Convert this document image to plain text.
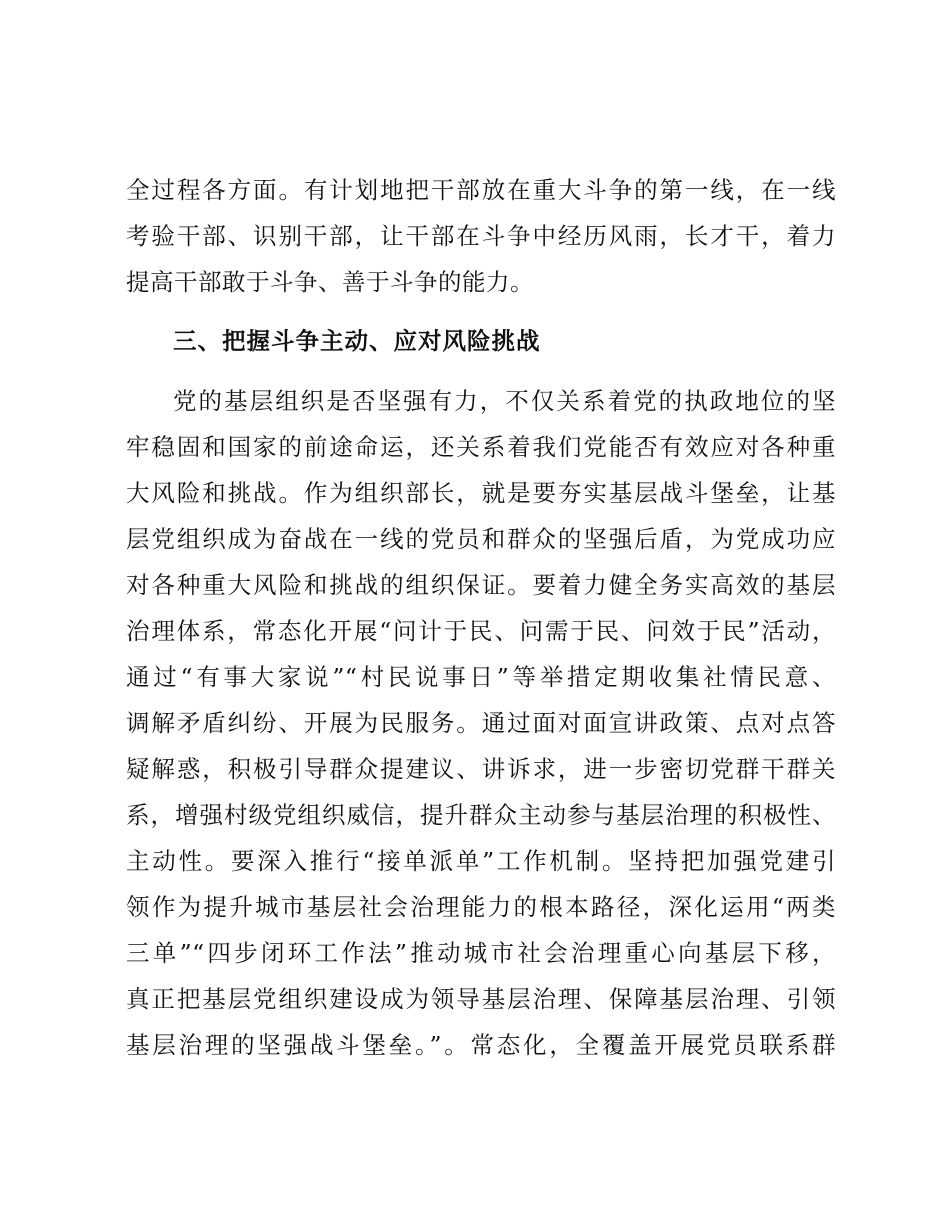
全过程各方面。有计划地把干部放在重大斗争的第一线，在一线
考验干部、识别干部，让干部在斗争中经历风雨，长才干，着力
提高干部敢于斗争、善于斗争的能力。
三、把握斗争主动、应对风险挑战
党的基层组织是否坚强有力，不仅关系着党的执政地位的坚
牢稳固和国家的前途命运，还关系着我们党能否有效应对各种重
大风险和挑战。作为组织部长，就是要夯实基层战斗堡垒，让基
层党组织成为奋战在一线的党员和群众的坚强后盾，为党成功应
对各种重大风险和挑战的组织保证。要着力健全务实高效的基层
治理体系，常态化开展“问计于民、问需于民、问效于民”活动，
通过“有事大家说”“村民说事日”等举措定期收集社情民意、
调解矛盾纠纷、开展为民服务。通过面对面宣讲政策、点对点答
疑解惑，积极引导群众提建议、讲诉求，进一步密切党群干群关
系，增强村级党组织威信，提升群众主动参与基层治理的积极性、
主动性。要深入推行“接单派单”工作机制。坚持把加强党建引
领作为提升城市基层社会治理能力的根本路径，深化运用“两类
三单”“四步闭环工作法”推动城市社会治理重心向基层下移，
真正把基层党组织建设成为领导基层治理、保障基层治理、引领
基层治理的坚强战斗堡垒。”。常态化，全覆盖开展党员联系群
